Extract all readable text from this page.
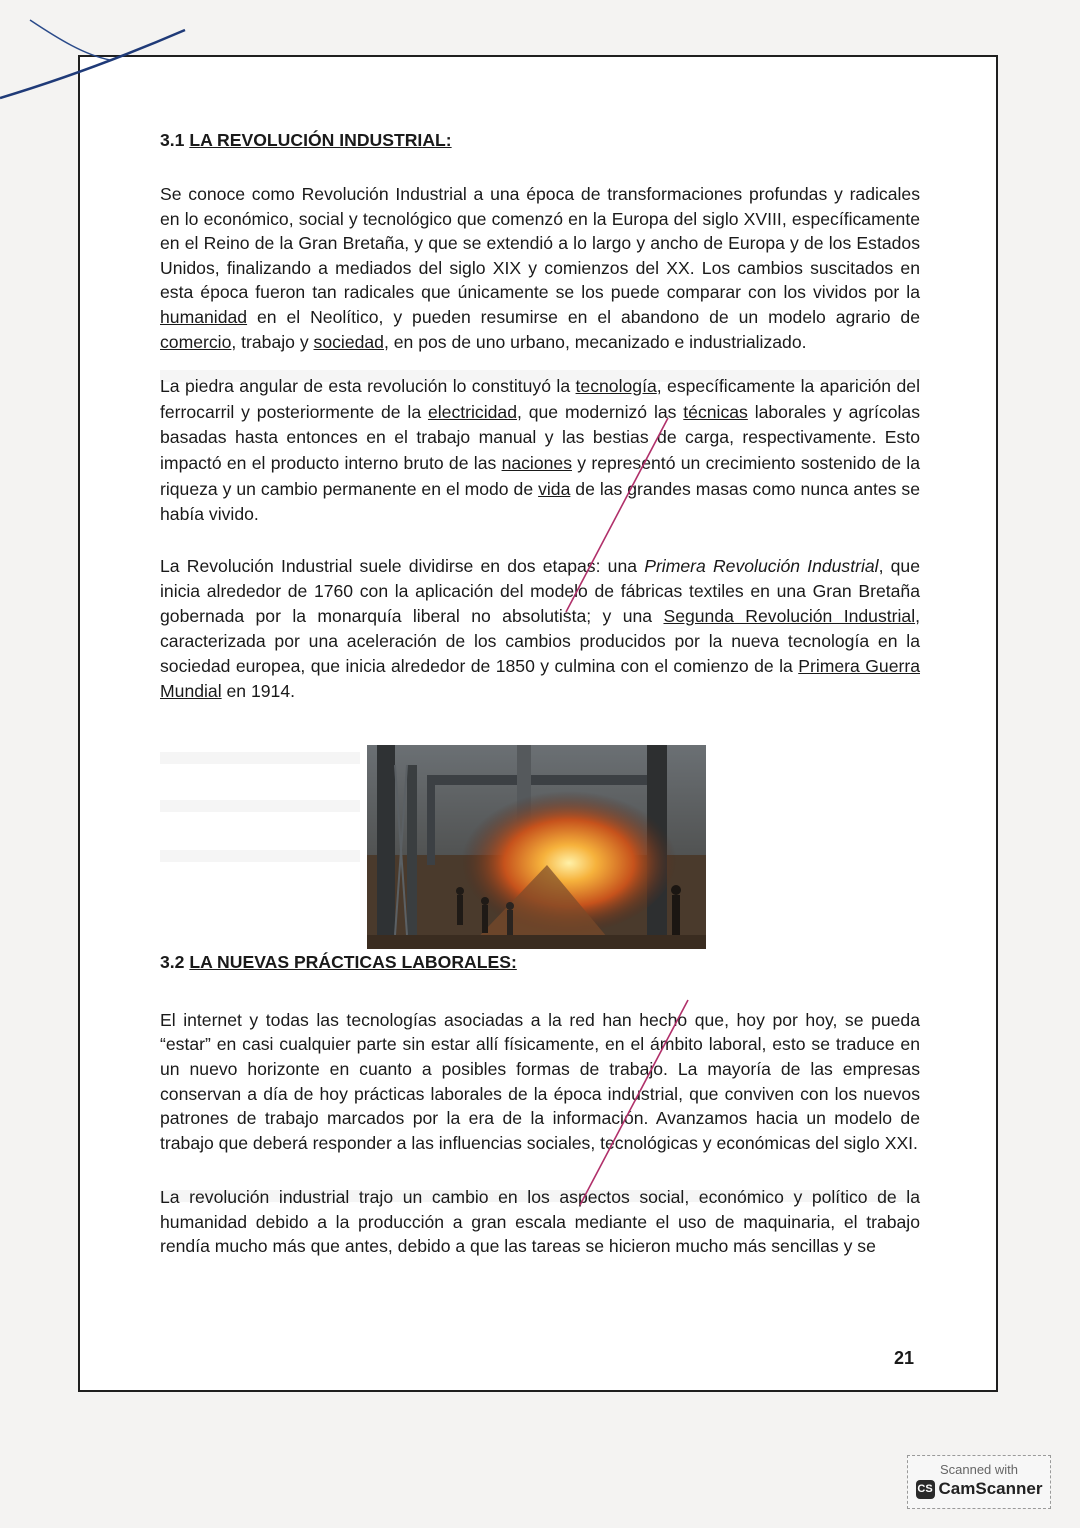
3.1 LA REVOLUCIÓN INDUSTRIAL:

Se conoce como Revolución Industrial a una época de transformaciones profundas y radicales en lo económico, social y tecnológico que comenzó en la Europa del siglo XVIII, específicamente en el Reino de la Gran Bretaña, y que se extendió a lo largo y ancho de Europa y de los Estados Unidos, finalizando a mediados del siglo XIX y comienzos del XX. Los cambios suscitados en esta época fueron tan radicales que únicamente se los puede comparar con los vividos por la humanidad en el Neolítico, y pueden resumirse en el abandono de un modelo agrario de comercio, trabajo y sociedad, en pos de uno urbano, mecanizado e industrializado.

La piedra angular de esta revolución lo constituyó la tecnología, específicamente la aparición del ferrocarril y posteriormente de la electricidad, que modernizó las técnicas laborales y agrícolas basadas hasta entonces en el trabajo manual y las bestias de carga, respectivamente. Esto impactó en el producto interno bruto de las naciones y representó un crecimiento sostenido de la riqueza y un cambio permanente en el modo de vida de las grandes masas como nunca antes se había vivido.

La Revolución Industrial suele dividirse en dos etapas: una Primera Revolución Industrial, que inicia alrededor de 1760 con la aplicación del modelo de fábricas textiles en una Gran Bretaña gobernada por la monarquía liberal no absolutista; y una Segunda Revolución Industrial, caracterizada por una aceleración de los cambios producidos por la nueva tecnología en la sociedad europea, que inicia alrededor de 1850 y culmina con el comienzo de la Primera Guerra Mundial en 1914.

3.2 LA NUEVAS PRÁCTICAS LABORALES:

El internet y todas las tecnologías asociadas a la red han hecho que, hoy por hoy, se pueda “estar” en casi cualquier parte sin estar allí físicamente, en el ámbito laboral, esto se traduce en un nuevo horizonte en cuanto a posibles formas de trabajo. La mayoría de las empresas conservan a día de hoy prácticas laborales de la época industrial, que conviven con los nuevos patrones de trabajo marcados por la era de la información. Avanzamos hacia un modelo de trabajo que deberá responder a las influencias sociales, tecnológicas y económicas del siglo XXI.

La revolución industrial trajo un cambio en los aspectos social, económico y político de la humanidad debido a la producción a gran escala mediante el uso de maquinaria, el trabajo rendía mucho más que antes, debido a que las tareas se hicieron mucho más sencillas y se

21
Scanned with
CS CamScanner
